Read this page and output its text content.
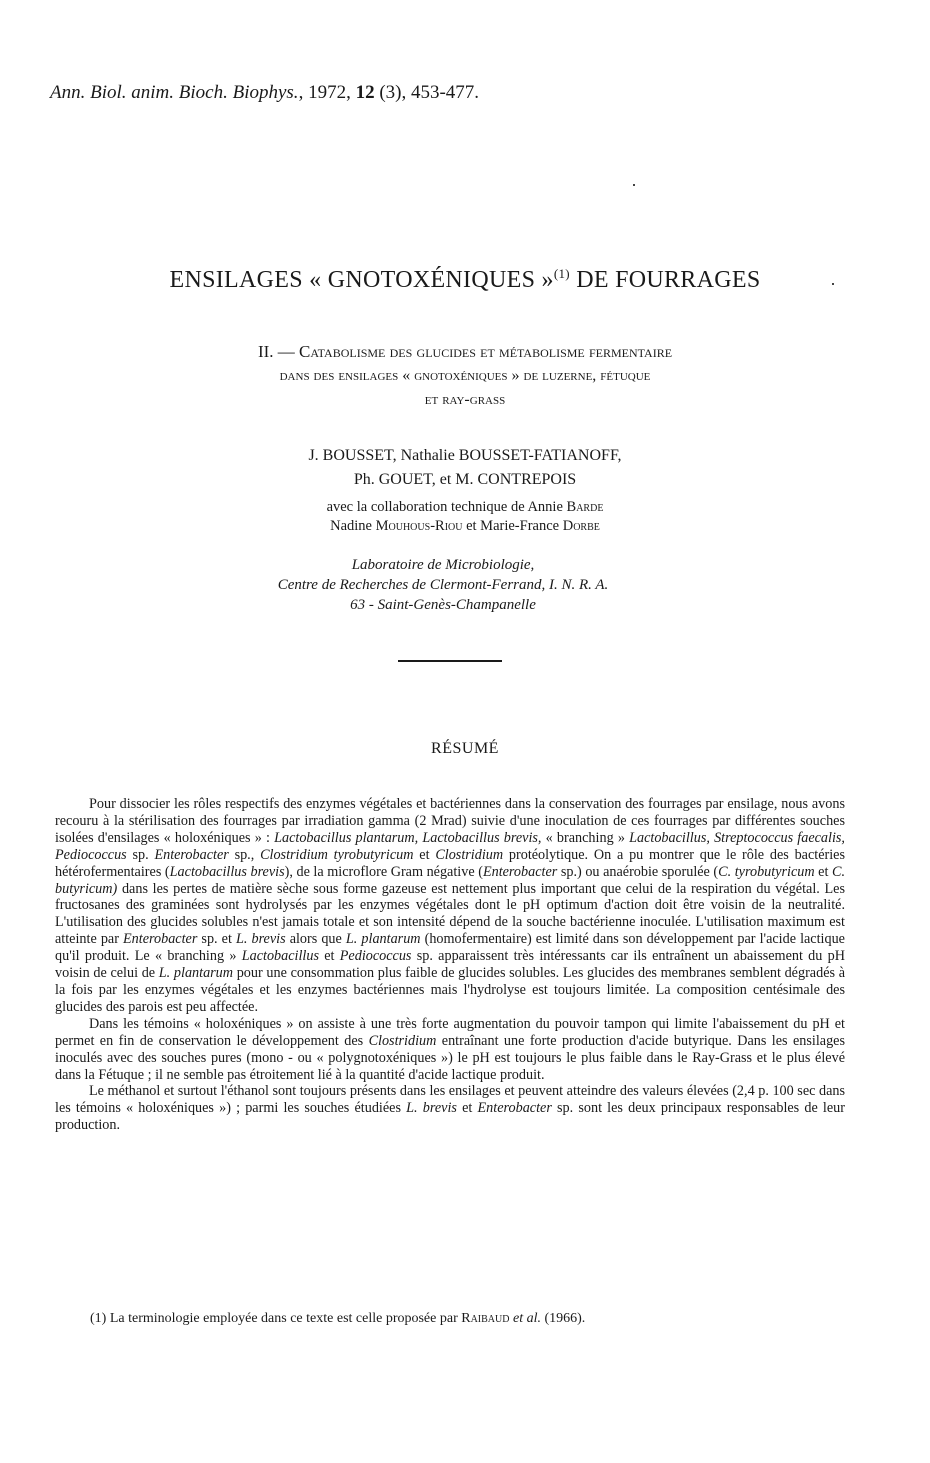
Ann. Biol. anim. Bioch. Biophys., 1972, 12 (3), 453-477.
ENSILAGES « GNOTOXÉNIQUES »$^{(1)}$ DE FOURRAGES
II. — Catabolisme des glucides et métabolisme fermentaire
dans des ensilages « gnotoxéniques » de luzerne, fétuque
et ray-grass
J. BOUSSET, Nathalie BOUSSET-FATIANOFF,
Ph. GOUET, et M. CONTREPOIS
avec la collaboration technique de Annie Barde
Nadine Mouhous-Riou et Marie-France Dorbe
Laboratoire de Microbiologie,
Centre de Recherches de Clermont-Ferrand, I. N. R. A.
63 - Saint-Genès-Champanelle
RÉSUMÉ

Pour dissocier les rôles respectifs des enzymes végétales et bactériennes dans la conservation des fourrages par ensilage, nous avons recouru à la stérilisation des fourrages par irradiation gamma (2 Mrad) suivie d'une inoculation de ces fourrages par différentes souches isolées d'ensilages « holoxéniques » : Lactobacillus plantarum, Lactobacillus brevis, « branching » Lactobacillus, Streptococcus faecalis, Pediococcus sp. Enterobacter sp., Clostridium tyrobutyricum et Clostridium protéolytique. On a pu montrer que le rôle des bactéries hétérofermentaires (Lactobacillus brevis), de la microflore Gram négative (Enterobacter sp.) ou anaérobie sporulée (C. tyrobutyricum et C. butyricum) dans les pertes de matière sèche sous forme gazeuse est nettement plus important que celui de la respiration du végétal. Les fructosanes des graminées sont hydrolysés par les enzymes végétales dont le pH optimum d'action doit être voisin de la neutralité. L'utilisation des glucides solubles n'est jamais totale et son intensité dépend de la souche bactérienne inoculée. L'utilisation maximum est atteinte par Enterobacter sp. et L. brevis alors que L. plantarum (homofermentaire) est limité dans son développement par l'acide lactique qu'il produit. Le « branching » Lactobacillus et Pediococcus sp. apparaissent très intéressants car ils entraînent un abaissement du pH voisin de celui de L. plantarum pour une consommation plus faible de glucides solubles. Les glucides des membranes semblent dégradés à la fois par les enzymes végétales et les enzymes bactériennes mais l'hydrolyse est toujours limitée. La composition centésimale des glucides des parois est peu affectée.

Dans les témoins « holoxéniques » on assiste à une très forte augmentation du pouvoir tampon qui limite l'abaissement du pH et permet en fin de conservation le développement des Clostridium entraînant une forte production d'acide butyrique. Dans les ensilages inoculés avec des souches pures (mono - ou « polygnotoxéniques ») le pH est toujours le plus faible dans le Ray-Grass et le plus élevé dans la Fétuque ; il ne semble pas étroitement lié à la quantité d'acide lactique produit.

Le méthanol et surtout l'éthanol sont toujours présents dans les ensilages et peuvent atteindre des valeurs élevées (2,4 p. 100 sec dans les témoins « holoxéniques ») ; parmi les souches étudiées L. brevis et Enterobacter sp. sont les deux principaux responsables de leur production.

(1) La terminologie employée dans ce texte est celle proposée par Raibaud et al. (1966).
